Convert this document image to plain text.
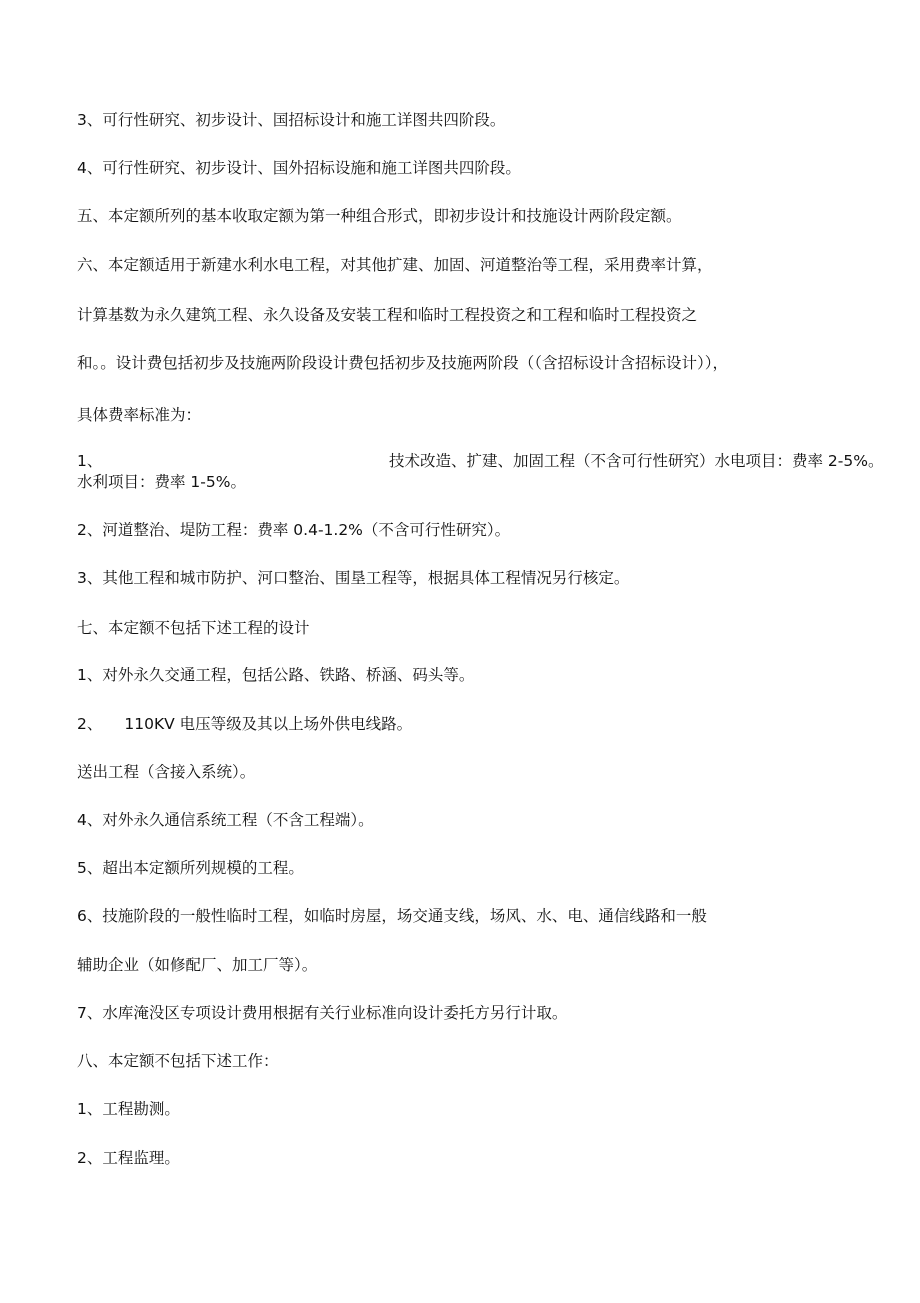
3、可行性研究、初步设计、国招标设计和施工详图共四阶段。
4、可行性研究、初步设计、国外招标设施和施工详图共四阶段。
五、本定额所列的基本收取定额为第一种组合形式，即初步设计和技施设计两阶段定额。
六、本定额适用于新建水利水电工程，对其他扩建、加固、河道整治等工程，采用费率计算，
计算基数为永久建筑工程、永久设备及安装工程和临时工程投资之和工程和临时工程投资之
和。。设计费包括初步及技施两阶段设计费包括初步及技施两阶段（（含招标设计含招标设计）），
具体费率标准为：
1、	技术改造、扩建、加固工程（不含可行性研究）水电项目：费率 2-5%。
水利项目：费率 1-5%。
2、河道整治、堤防工程：费率 0.4-1.2%（不含可行性研究）。
3、其他工程和城市防护、河口整治、围垦工程等，根据具体工程情况另行核定。
七、本定额不包括下述工程的设计
1、对外永久交通工程，包括公路、铁路、桥涵、码头等。
2、 110KV 电压等级及其以上场外供电线路。
送出工程（含接入系统）。
4、对外永久通信系统工程（不含工程端）。
5、超出本定额所列规模的工程。
6、技施阶段的一般性临时工程，如临时房屋，场交通支线，场风、水、电、通信线路和一般
辅助企业（如修配厂、加工厂等）。
7、水库淹没区专项设计费用根据有关行业标准向设计委托方另行计取。
八、本定额不包括下述工作：
1、工程勘测。
2、工程监理。
